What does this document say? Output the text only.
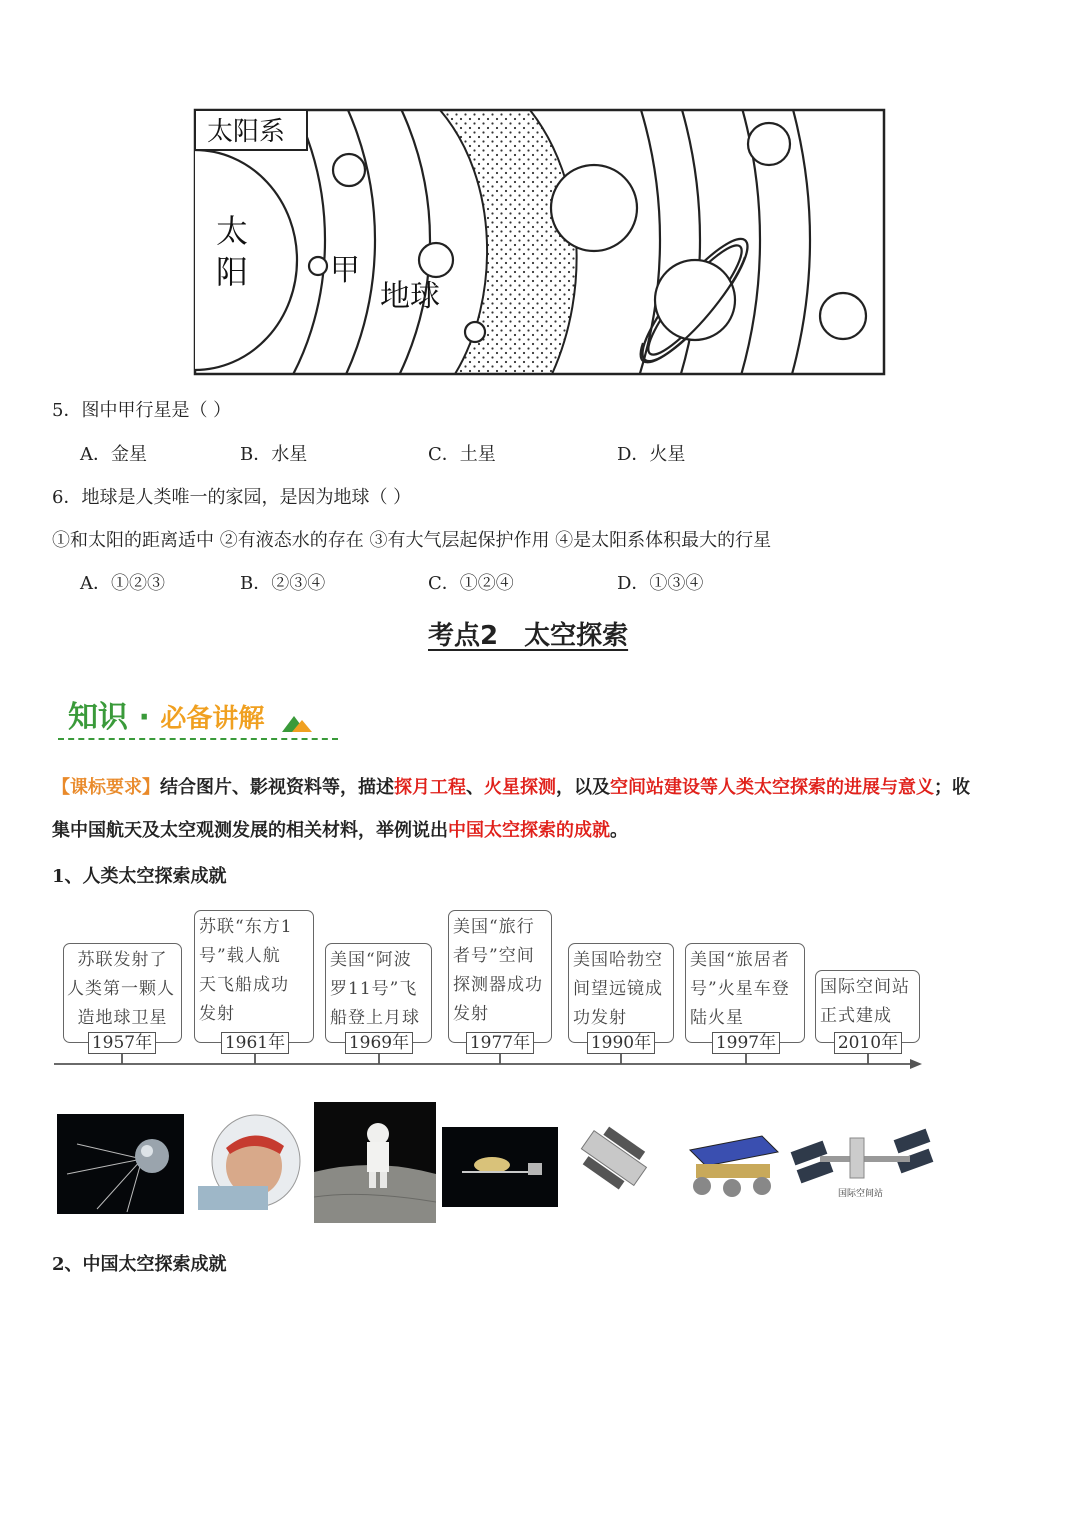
太阳系
太
阳	甲
地球
5．图中甲行星是（ ）
A．金星	B．水星	C．土星	D．火星
6．地球是人类唯一的家园，是因为地球（ ）
①和太阳的距离适中 ②有液态水的存在 ③有大气层起保护作用 ④是太阳系体积最大的行星
A．①②③	B．②③④	C．①②④	D．①③④
考点2　太空探索
知识 · 必备讲解
【课标要求】结合图片、影视资料等，描述探月工程、火星探测，以及空间站建设等人类太空探索的进展与意义；收
集中国航天及太空观测发展的相关材料，举例说出中国太空探索的成就。
1、人类太空探索成就
苏联发射了
人类第一颗人
造地球卫星
1957年
苏联“东方1
号”载人航
天飞船成功
发射
1961年
美国“阿波
罗11号”飞
船登上月球
1969年
美国“旅行
者号”空间
探测器成功
发射
1977年
美国哈勃空
间望远镜成
功发射
1990年
美国“旅居者
号”火星车登
陆火星
1997年
国际空间站
正式建成
2010年
国际空间站
2、中国太空探索成就
